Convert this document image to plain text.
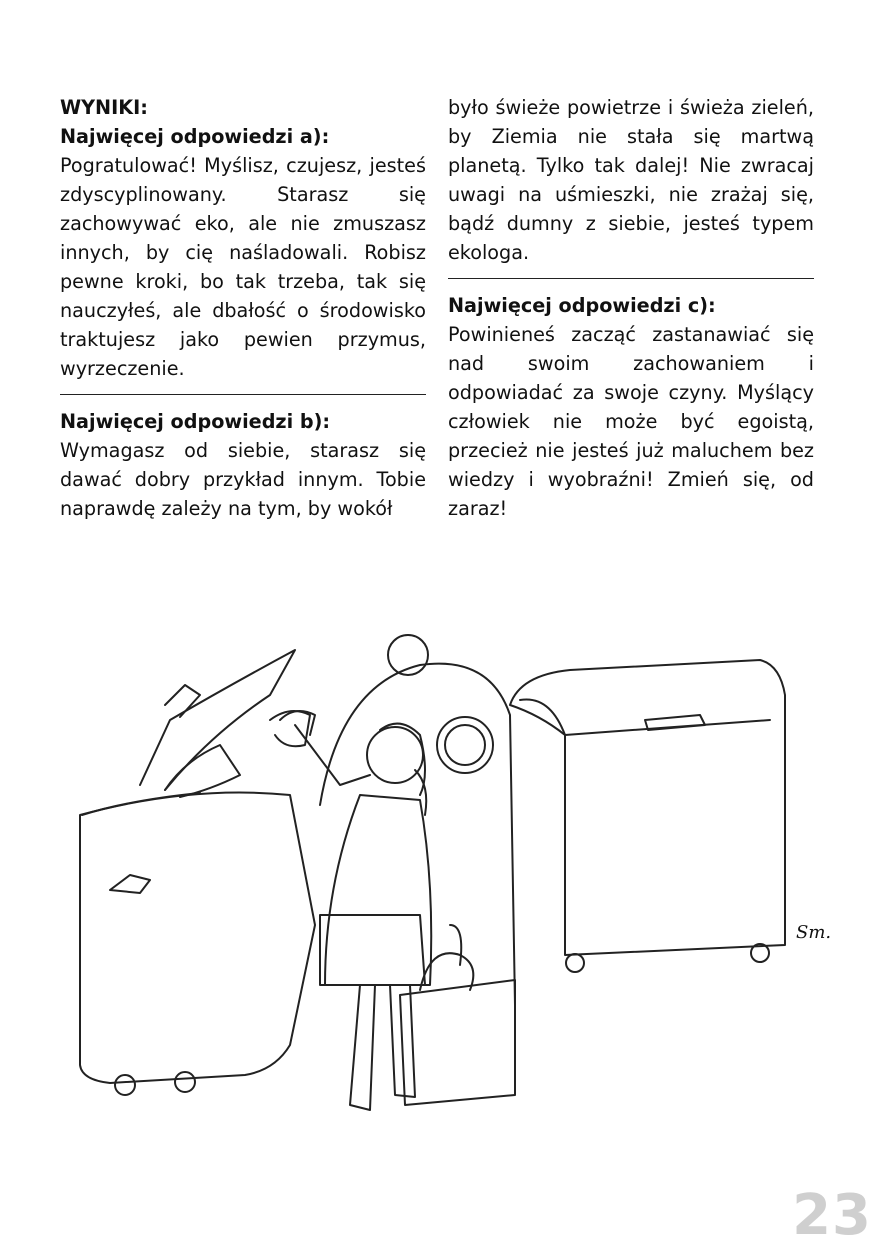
WYNIKI:
Najwięcej odpowiedzi a):
Pogratulować! Myślisz, czujesz, jesteś zdyscyplinowany. Starasz się zachowywać eko, ale nie zmuszasz innych, by cię naśladowali. Robisz pewne kroki, bo tak trzeba, tak się nauczyłeś, ale dbałość o środowisko traktujesz jako pewien przymus, wyrzeczenie.
Najwięcej odpowiedzi b):
Wymagasz od siebie, starasz się dawać dobry przykład innym. Tobie naprawdę zależy na tym, by wokół
było świeże powietrze i świeża zieleń, by Ziemia nie stała się martwą planetą. Tylko tak dalej! Nie zwracaj uwagi na uśmieszki, nie zrażaj się, bądź dumny z siebie, jesteś typem ekologa.
Najwięcej odpowiedzi c):
Powinieneś zacząć zastanawiać się nad swoim zachowaniem i odpowiadać za swoje czyny. Myślący człowiek nie może być egoistą, przecież nie jesteś już maluchem bez wiedzy i wyobraźni! Zmień się, od zaraz!
Sm.
23
